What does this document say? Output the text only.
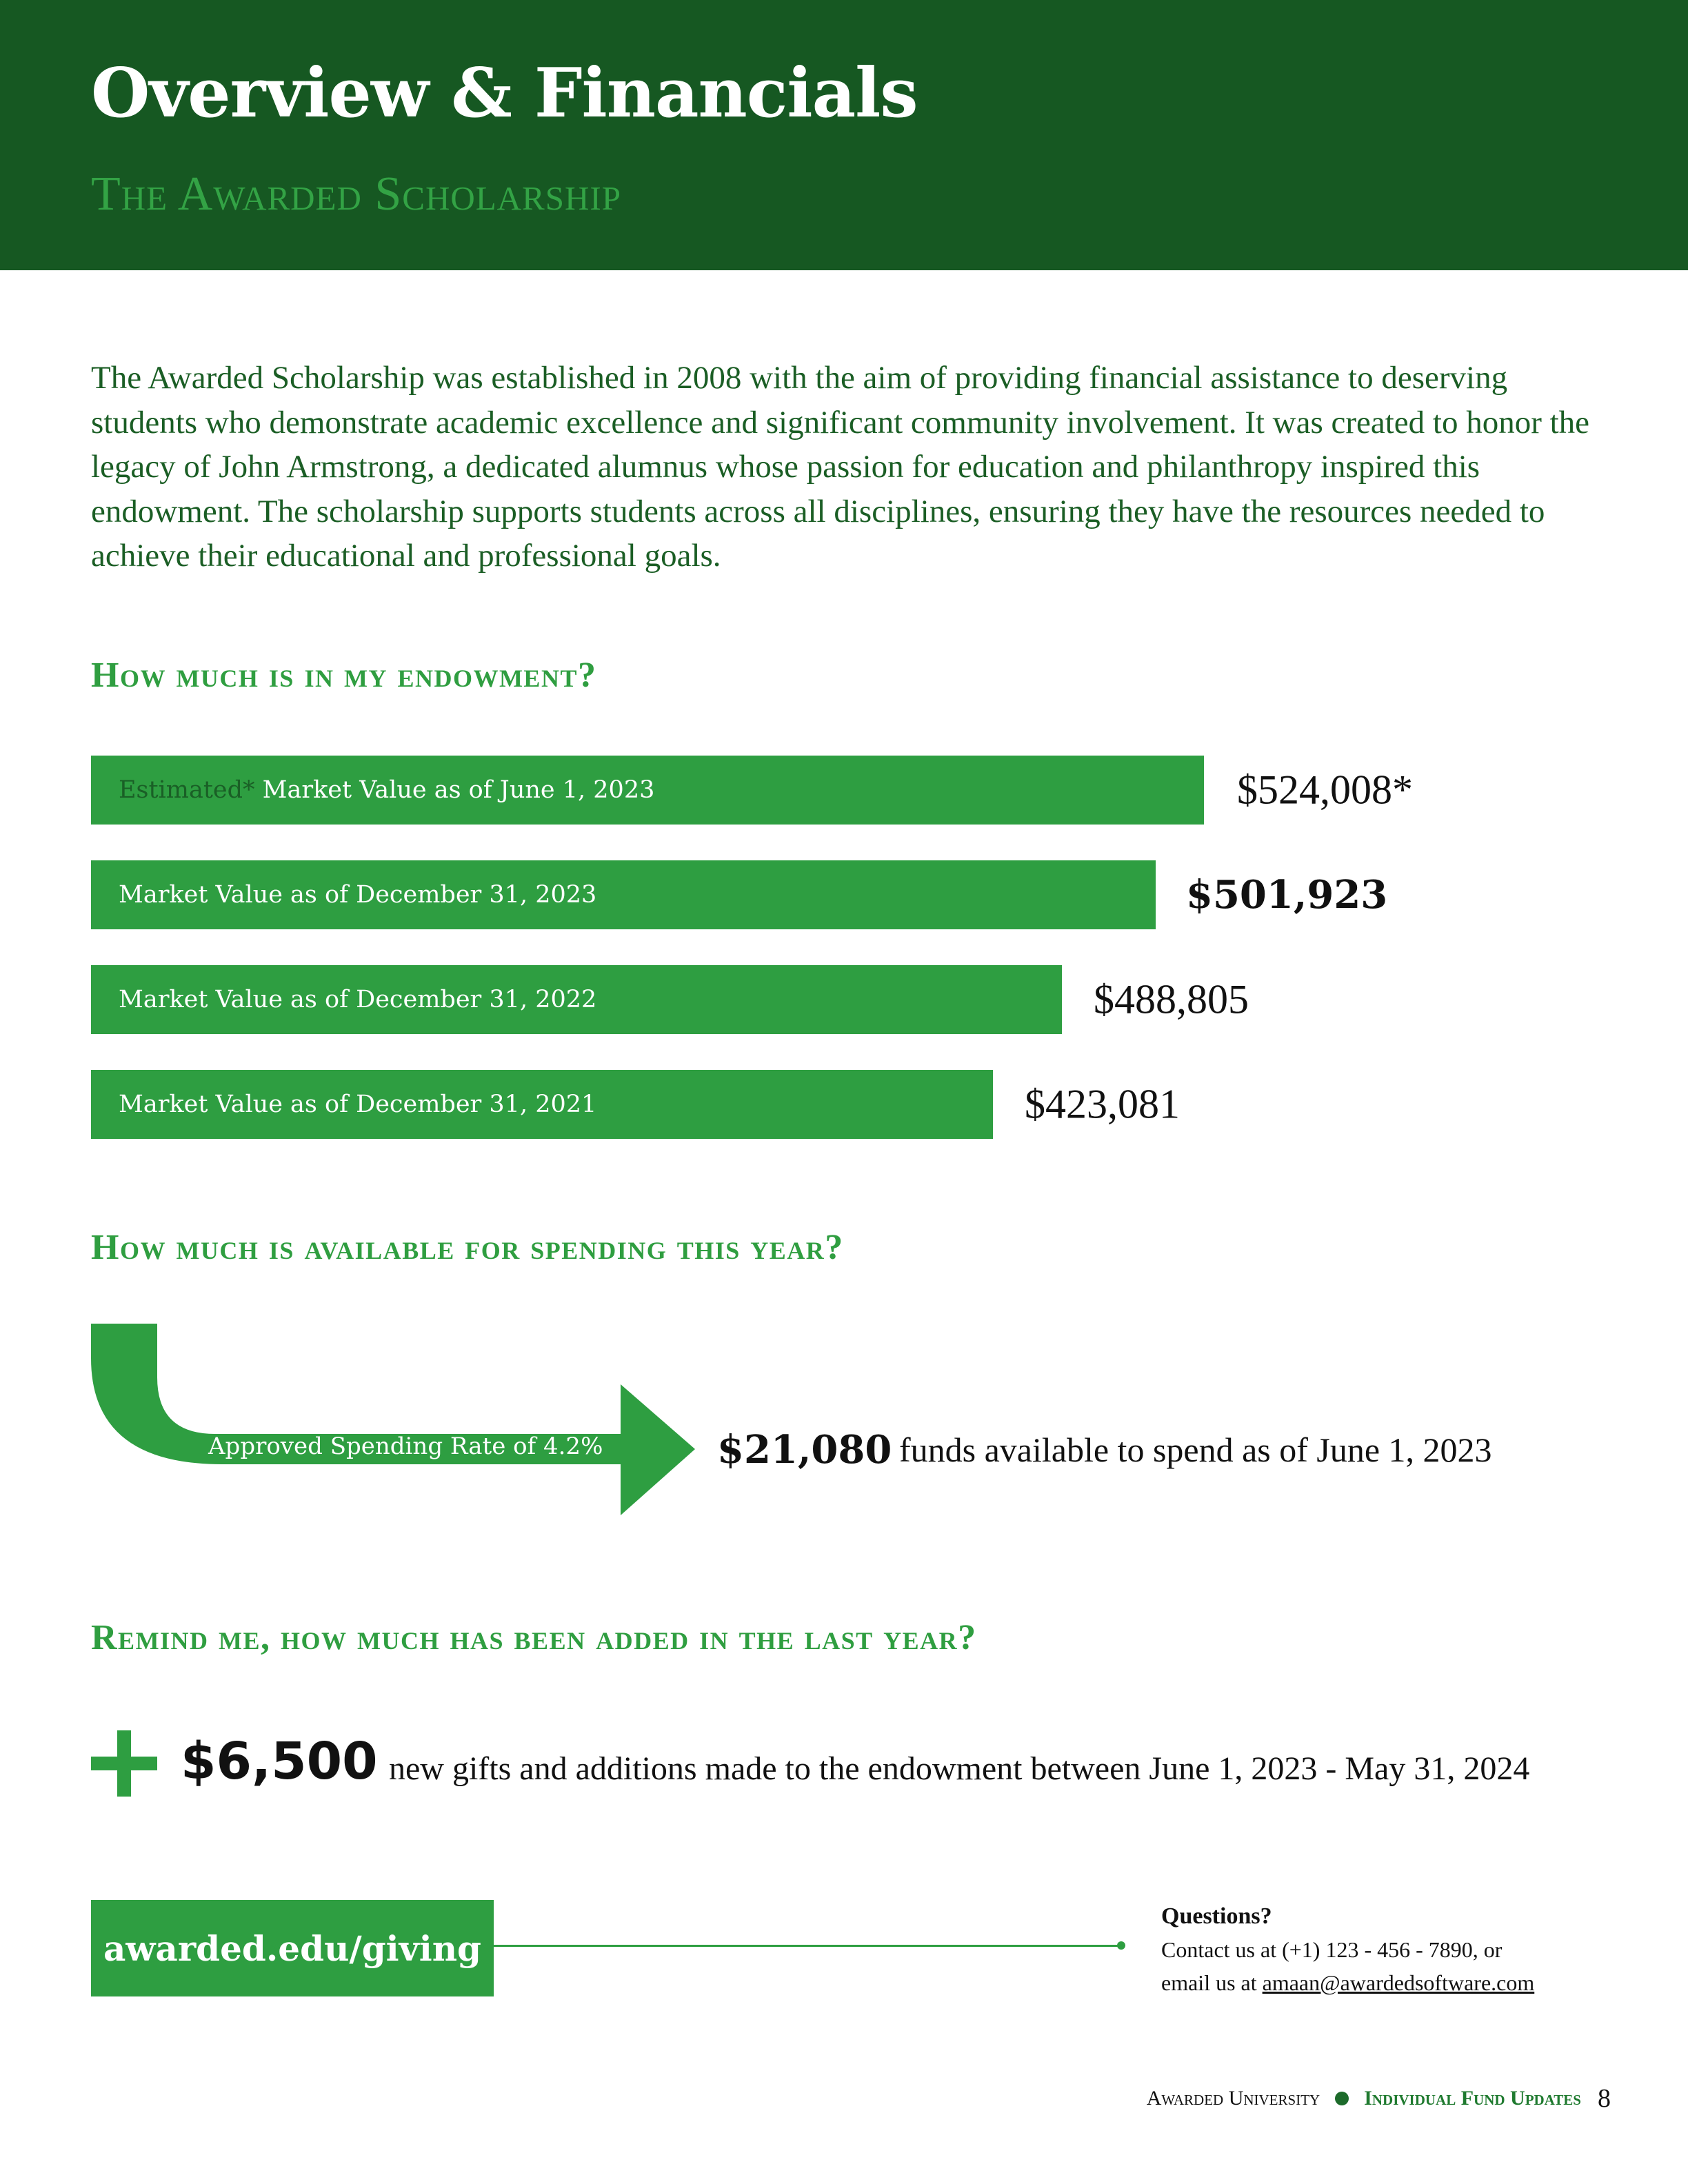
Overview & Financials
The Awarded Scholarship

The Awarded Scholarship was established in 2008 with the aim of providing financial assistance to deserving students who demonstrate academic excellence and significant community involvement. It was created to honor the legacy of John Armstrong, a dedicated alumnus whose passion for education and philanthropy inspired this endowment. The scholarship supports students across all disciplines, ensuring they have the resources needed to achieve their educational and professional goals.

How much is in my endowment?
Estimated* Market Value as of June 1, 2023	$524,008*
Market Value as of December 31, 2023	$501,923
Market Value as of December 31, 2022	$488,805
Market Value as of December 31, 2021	$423,081
How much is available for spending this year?
Approved Spending Rate of 4.2%	$21,080 funds available to spend as of June 1, 2023
Remind me, how much has been added in the last year?
$6,500 new gifts and additions made to the endowment between June 1, 2023 - May 31, 2024
awarded.edu/giving
Questions?
Contact us at (+1) 123 - 456 - 7890, or
email us at amaan@awardedsoftware.com
Awarded University Individual Fund Updates 8
